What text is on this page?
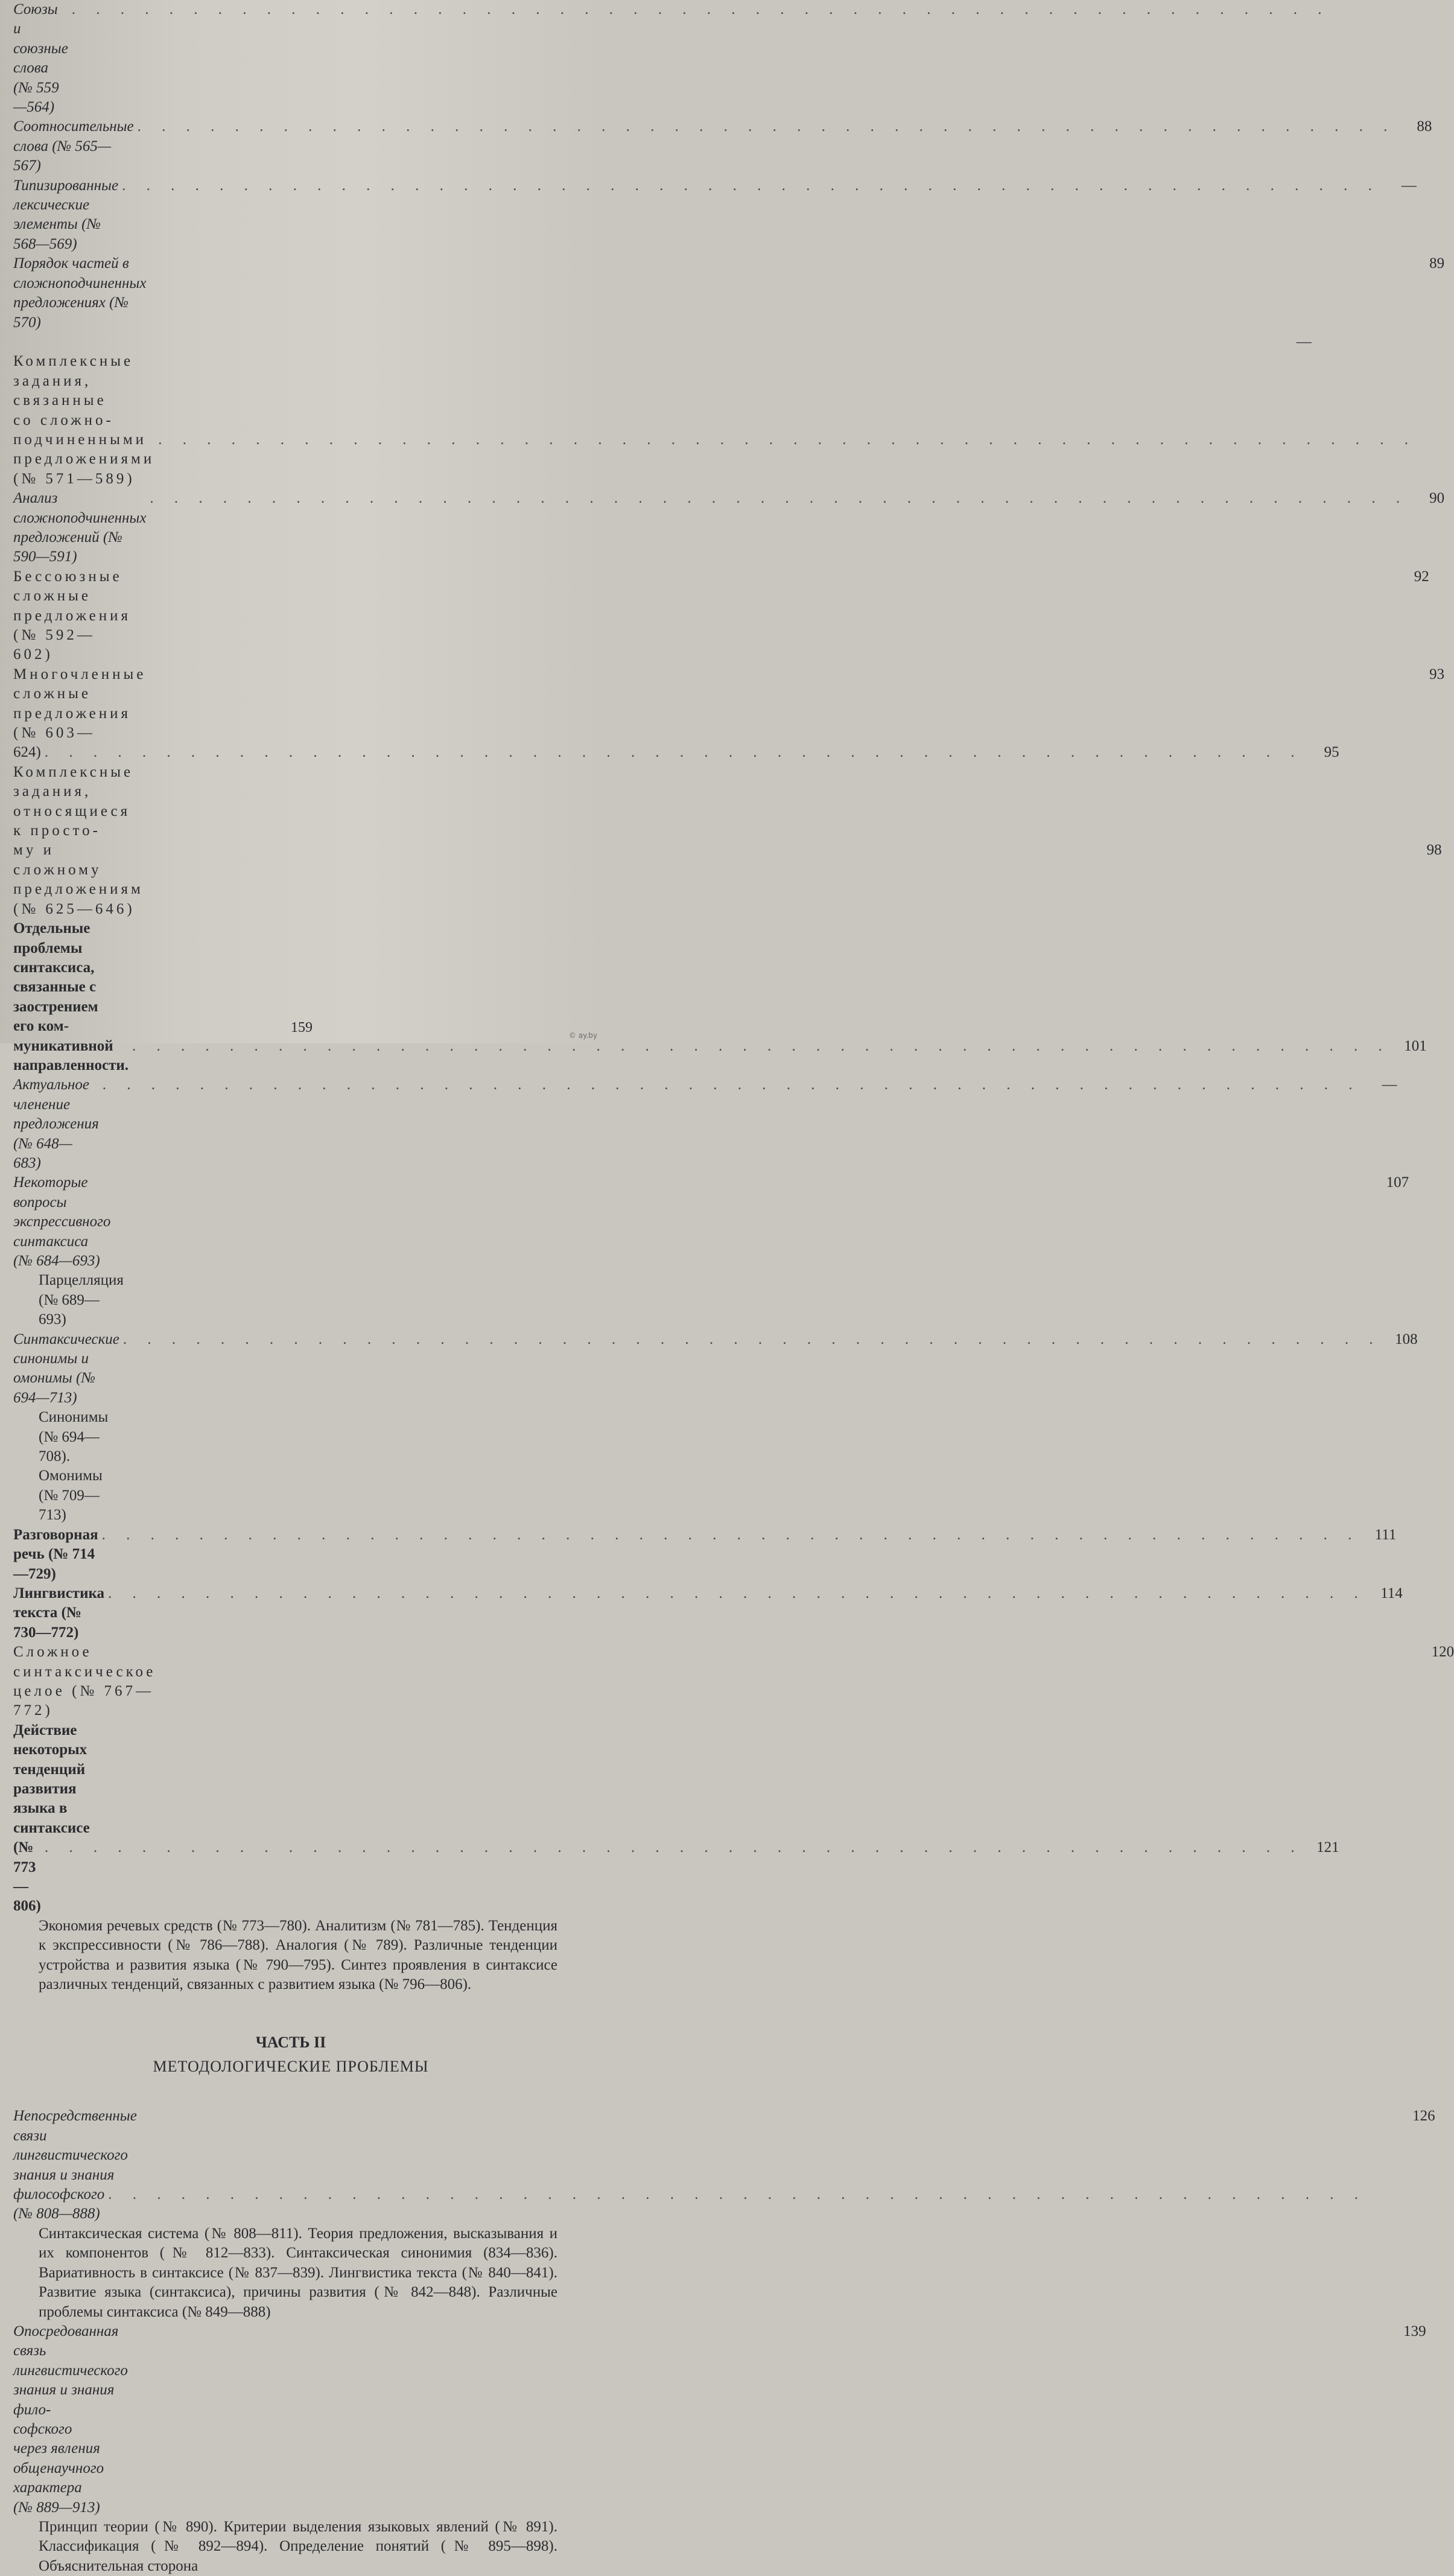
Союзы и союзные слова (№ 559—564)
. . .
Соотносительные слова (№ 565—567)
. . .
88
Типизированные лексические элементы (№ 568—569)
. . .
—
Порядок частей в сложноподчиненных предложениях (№ 570)
89
—
Комплексные задания, связанные со сложно-
подчиненными предложениями (№ 571—589)
. . .
Анализ сложноподчиненных предложений (№ 590—591)
. . .
90
Бессоюзные сложные предложения (№ 592—602)
92
Многочленные сложные предложения (№ 603—
93
624)
. . .	95
Комплексные задания, относящиеся к просто-
му и сложному предложениям (№ 625—646)
98
Отдельные проблемы синтаксиса, связанные с заострением его ком-
муникативной направленности.
. . .
101
Актуальное членение предложения (№ 648—683)
. . .
—
Некоторые вопросы экспрессивного синтаксиса (№ 684—693)
107
Парцелляция (№ 689—693)
Синтаксические синонимы и омонимы (№ 694—713)
. . .
108
Синонимы (№ 694—708). Омонимы (№ 709—713)
Разговорная речь (№ 714—729)
. . .
111
Лингвистика текста (№ 730—772)
. . .
114
Сложное синтаксическое целое (№ 767—772)
120
Действие некоторых тенденций развития языка в синтаксисе
(№ 773—806)
. . .
121
Экономия речевых средств (№ 773—780). Аналитизм (№ 781—785). Тенденция к экспрессивности (№ 786—788). Аналогия (№ 789). Различные тенденции устройства и развития языка (№ 790—795). Синтез проявления в синтаксисе различных тенденций, связанных с развитием языка (№ 796—806).
ЧАСТЬ II
МЕТОДОЛОГИЧЕСКИЕ ПРОБЛЕМЫ
Непосредственные связи лингвистического знания и знания
126
философского (№ 808—888)
. . .
Синтаксическая система (№ 808—811). Теория предложения, высказывания и их компонентов (№ 812—833). Синтаксическая синонимия (834—836). Вариативность в синтаксисе (№ 837—839). Лингвистика текста (№ 840—841). Развитие языка (синтаксиса), причины развития (№ 842—848). Различные проблемы синтаксиса (№ 849—888)
Опосредованная связь лингвистического знания и знания фило-
139
софского через явления общенаучного характера (№ 889—913)
Принцип теории (№ 890). Критерии выделения языковых явлений (№ 891). Классификация (№ 892—894). Определение понятий (№ 895—898). Объяснительная сторона
159	© ay.by
